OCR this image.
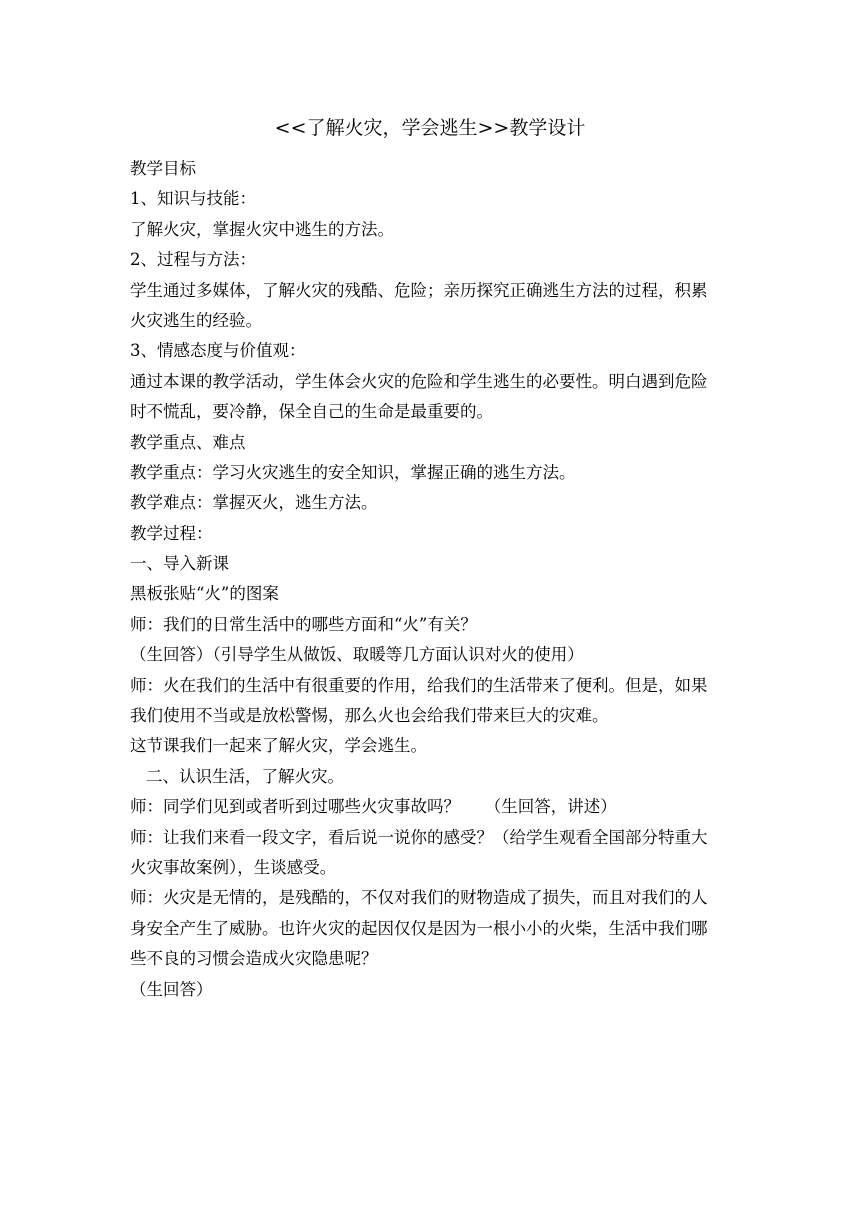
<<了解火灾，学会逃生>>教学设计
教学目标
1、知识与技能：
了解火灾，掌握火灾中逃生的方法。
2、过程与方法：
学生通过多媒体，了解火灾的残酷、危险；亲历探究正确逃生方法的过程，积累
火灾逃生的经验。
3、情感态度与价值观：
通过本课的教学活动，学生体会火灾的危险和学生逃生的必要性。明白遇到危险
时不慌乱，要冷静，保全自己的生命是最重要的。
教学重点、难点
教学重点：学习火灾逃生的安全知识，掌握正确的逃生方法。
教学难点：掌握灭火，逃生方法。
教学过程：
一、导入新课
黑板张贴“火”的图案
师：我们的日常生活中的哪些方面和“火”有关？
（生回答）（引导学生从做饭、取暖等几方面认识对火的使用）
师：火在我们的生活中有很重要的作用，给我们的生活带来了便利。但是，如果
我们使用不当或是放松警惕，那么火也会给我们带来巨大的灾难。
这节课我们一起来了解火灾，学会逃生。
二、认识生活，了解火灾。
师：同学们见到或者听到过哪些火灾事故吗？　　（生回答，讲述）
师：让我们来看一段文字，看后说一说你的感受？（给学生观看全国部分特重大
火灾事故案例），生谈感受。
师：火灾是无情的，是残酷的，不仅对我们的财物造成了损失，而且对我们的人
身安全产生了威胁。也许火灾的起因仅仅是因为一根小小的火柴，生活中我们哪
些不良的习惯会造成火灾隐患呢？
（生回答）
